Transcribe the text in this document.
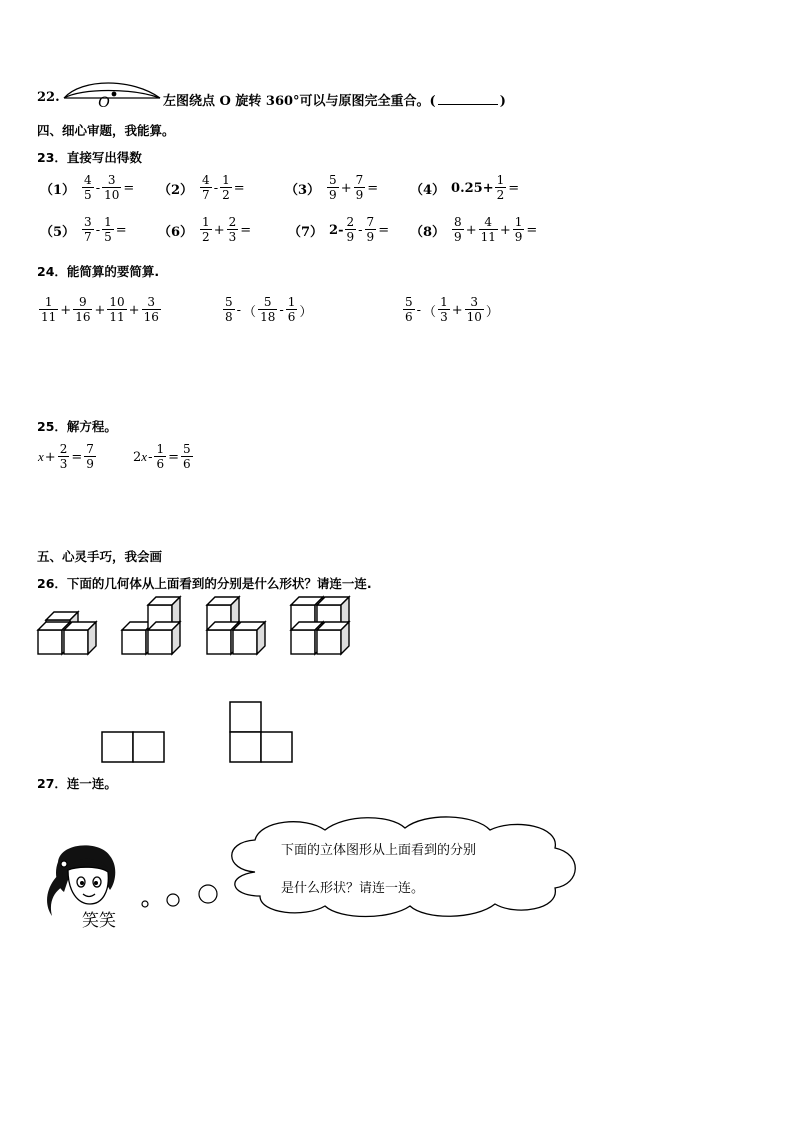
22. O	左图绕点 O 旋转 360°可以与原图完全重合。(	)
四、细心审题，我能算。
23．直接写出得数
$(1) \frac{4}{5} - \frac{3}{10} = (2) \frac{4}{7} - \frac{1}{2}$ =	$(3) \frac{5}{9} + \frac{7}{9} = (4)$ $0.25+ \frac{1}{2}$ =
$(5) \frac{3}{7} - \frac{1}{5} = (6) \frac{1}{2} + \frac{2}{3}$ =	（7） $2- \frac{2}{9} - \frac{7}{9} = (8) \frac{8}{9} + \frac{4}{11} + \frac{1}{9}$ =
24．能简算的要简算.
$\frac{1}{11} + \frac{9}{16} + \frac{10}{11} + \frac{3}{16}$	$\frac{5}{8}$ - （ $\frac{5}{18} - \frac{1}{6}$ ）	$\frac{5}{6}$ - （ $\frac{1}{3} + \frac{3}{10}$ ）
25．解方程。
$x + \frac{2}{3} = \frac{7}{9}$	2 $x - \frac{1}{6} = \frac{5}{6}$
五、心灵手巧，我会画
26．下面的几何体从上面看到的分别是什么形状？请连一连.
27．连一连。
笑笑
下面的立体图形从上面看到的分别
是什么形状？请连一连。
